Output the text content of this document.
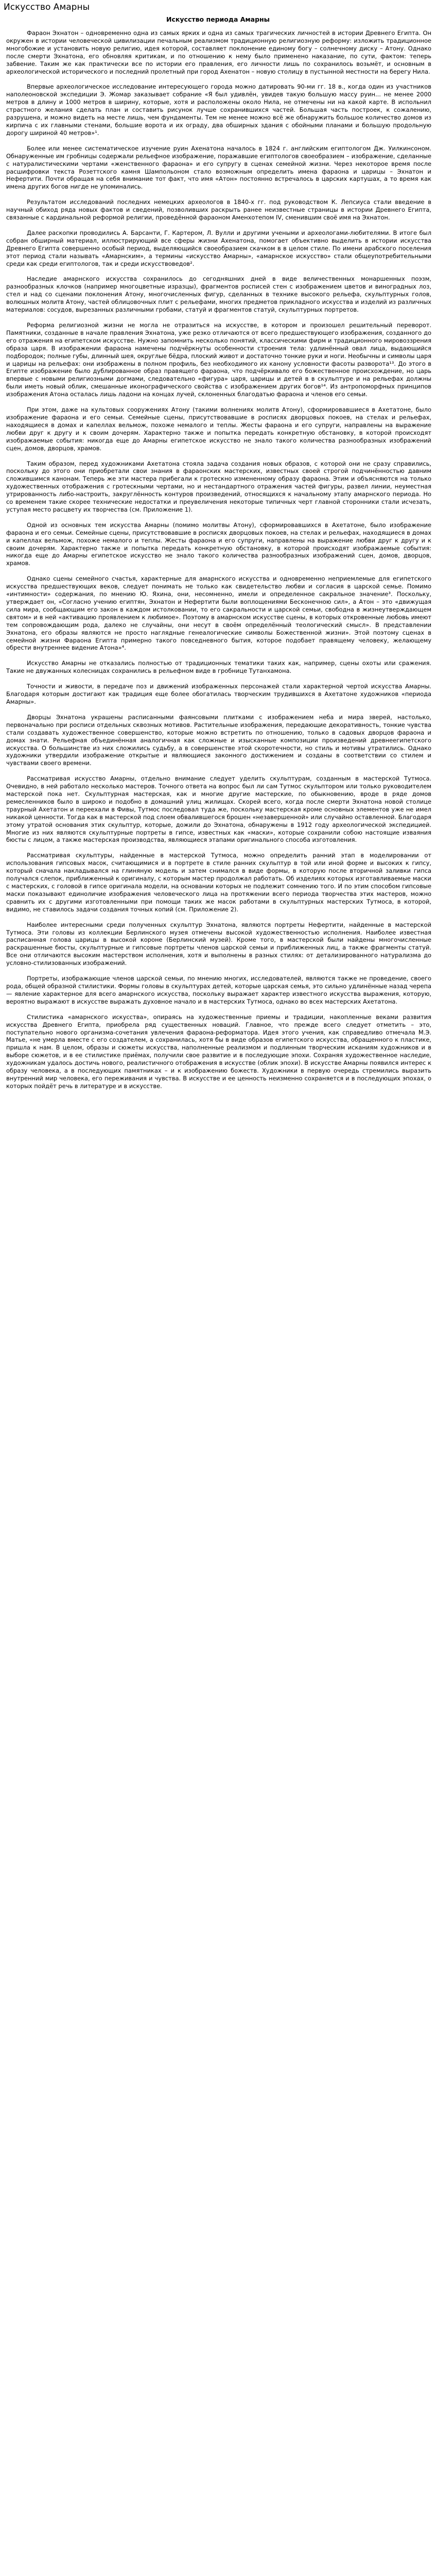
Искусство Амарны
Искусство периода Амарны

Фараон Эхнатон – одновременно одна из самых ярких и одна из самых трагических личностей в истории Древнего Египта. Он окружен в истории человеческой цивилизации печальным реализмом традиционную религиозную реформу: изложить традиционное многобожие и установить новую религию, идея которой, составляет поклонение единому богу – солнечному диску – Атону. Однако после смерти Эхнатона, его обновляя критикам, и по отношению к нему было применено наказание, по сути, фактом: теперь забвение. Таким же как практически все по истории его правления, его личности лишь по сохранилось возьмёт, и основным в археологической исторического и последний пролетный при город Ахенатон – новую столицу в пустынной местности на берегу Нила.

Впервые археологическое исследование интересующего города можно датировать 90-ми гг. 18 в., когда один из участников наполеоновской экспедиции Э. Жомар заказывает собрание «Я был удивлён, увидев такую большую массу руин... не менее 2000 метров в длину и 1000 метров в ширину, которые, хотя и расположены около Нила, не отмечены ни на какой карте. В испольнил страстного желания сделать план и составить рисунок лучше сохранившихся частей. Большая часть построек, к сожалению, разрушена, и можно видеть на месте лишь, чем фундаменты. Тем не менее можно всё же обнаружить большое количество домов из кирпича с их главными стенами, большие ворота и их ограду, два обширных здания с обойными планами и большую продольную дорогу шириной 40 метров»¹.

Более или менее систематическое изучение руин Ахенатона началось в 1824 г. английским египтологом Дж. Уилкинсоном. Обнаруженные им гробницы содержали рельефное изображение, поражавшие египтологов своеобразием – изображение, сделанные с натуралистическими чертами «женственного фараона» и его супругу в сценах семейной жизни. Через некоторое время после расшифровки текста Розеттского камня Шампольоном стало возможным определить имена фараона и царицы – Эхнатон и Нефертити. Почти обращая на себя внимание тот факт, что имя «Атон» постоянно встречалось в царских картушах, а то время как имена других богов нигде не упоминались.

Результатом исследований последних немецких археологов в 1840-х гг. под руководством К. Лепсиуса стали введение в научный обиход ряда новых фактов и сведений, позволивших раскрыть ранее неизвестные страницы в истории Древнего Египта, связанные с кардинальной реформой религии, проведённой фараоном Аменхотепом IV, сменившим своё имя на Эхнатон.

Далее раскопки проводились А. Барсанти, Г. Картером, Л. Вулли и другими учеными и археологами-любителями. В итоге был собран обширный материал, иллюстрирующий все сферы жизни Ахенатона, помогает объективно выделить в истории искусства Древнего Египта совершенно особый период, выделяющийся своеобразием скачком в в целом стиле. По имени арабского поселения этот период стали называть «Амарнским», а термины «искусство Амарны», «амарнское искусство» стали общеупотребительными среди как среди египтологов, так и среди искусствоведов².

Наследие амарнского искусства сохранилось до сегодняшних дней в виде величественных монаршенных поэзм, разнообразных клочков (например многоцветные изразцы), фрагментов росписей стен с изображением цветов и виноградных лоз, стел и над со сценами поклонения Атону, многочисленных фигур, сделанных в технике высокого рельефа, скульптурных голов, волюшных молитв Атону, частей облицовочных плит с рельефами, многих предметов прикладного искусства и изделий из различных материалов: сосудов, вырезанных различными гробами, статуй и фрагментов статуй, скульптурных портретов.

Реформа религиозной жизни не могла не отразиться на искусстве, в котором и произошел решительный переворот. Памятники, созданные в начале правления Эхнатона, уже резко отличаются от всего предшествующего изображения, созданного до его отражения на египетском искусстве. Нужно запомнить несколько понятий, классическими фирм и традиционного мировоззрения образа царя. В изображении фараона намечены подчёркнуты особенности строения тела: удлинённый овал лица, выдающийся подбородок; полные губы, длинный шея, округлые бёдра, плоский живот и достаточно тонкие руки и ноги. Необычны и символы царя и царицы на рельефах: они изображены в полном профиль, без необходимого их канону условности фасоты разворота¹³. До этого в Египте изображение было дублированное образ правящего фараона, что подчёркивало его божественное происхождение, но царь впервые с новыми религиозными догмами, следовательно «фигура» царя, царицы и детей в в скульптуре и на рельефах должны были иметь новый облик, смешанные иконографического свойства с изображением других богов¹⁴. Из антропоморфных принципов изображения Атона осталась лишь ладони на концах лучей, склоненных благодатью фараона и членов его семьи.

При этом, даже на культовых сооружениях Атону (такими волнениях молитв Атону), сформировавшиеся в Ахетатоне, было изображение фараона и его семьи. Семейные сцены, присутствовавшие в росписях дворцовых покоев, на стелах и рельефах, находящиеся в домах и капеллах вельмож, похоже немалого и теплы. Жесты фараона и его супруги, направлены на выражение любви друг к другу и к своим дочерям. Характерно также и попытка передать конкретную обстановку, в которой происходят изображаемые события: никогда еще до Амарны египетское искусство не знало такого количества разнообразных изображений сцен, домов, дворцов, храмов.

Таким образом, перед художниками Ахетатона стояла задача создания новых образов, с которой они не сразу справились, поскольку до этого они приобретали свои знания в фараонских мастерских, известных своей строгой подчинённостью давним сложившимся канонам. Теперь же эти мастера прибегали к гротескно измененному образу фараона. Этим и объясняются на только художественных отображения с гротескными чертами, но и нестандартного отражения частей фигуры, развел линии, неуместная утрированность либо-настроить, закруглённость контуров произведений, относящихся к начальному этапу амарнского периода. Но со временем такие скорее технические недостатки и преувеличения некоторые типичных черт главной сторонники стали исчезать, уступая место расцвету их творчества (см. Приложение 1).

Одной из основных тем искусства Амарны (помимо молитвы Атону), сформировавшихся в Ахетатоне, было изображение фараона и его семьи. Семейные сцены, присутствовавшие в росписях дворцовых покоев, на стелах и рельефах, находящиеся в домах и капеллах вельмож, похоже немалого и теплы. Жесты фараона и его супруги, направлены на выражение любви друг к другу и к своим дочерям. Характерно также и попытка передать конкретную обстановку, в которой происходят изображаемые события: никогда еще до Амарны египетское искусство не знало такого количества разнообразных изображений сцен, домов, дворцов, храмов.

Однако сцены семейного счастья, характерные для амарнского искусства и одновременно неприемлемые для египетского искусства предшествующих веков, следует понимать не только как свидетельство любви и согласия в царской семье. Помимо «интимности» содержания, по мнению Ю. Яхина, они, несомненно, имели и определенное сакральное значение³. Поскольку, утверждает он, «Согласно учению египтян, Эхнатон и Нефертити были воплощениями Бесконечною сил», а Атон – это «движущая сила мира, сообщающим его закон в каждом истолковании, то его сакральности и царской семьи, свободна в жизнеутверждающем святом» и в ней «активацию проявлением к любимое». Поэтому в амарнском искусстве сцены, в которых откровенные любовь имеют тем сопровождающим рода, далеко не случайны, они несут в своём определённый теологический смысл». В представлении Эхнатона, его образы являются не просто наглядные генеалогические символы Божественной жизни». Этой поэтому сценах в семейной жизни Фараона Египта примерно такого повседневного бытия, которое подобает правящему человеку, желающему обрести внутреннее видение Атона»⁴.

Искусство Амарны не отказались полностью от традиционных тематики таких как, например, сцены охоты или сражения. Такие не двужанных колесницах сохранились в рельефном виде в гробнице Тутанхамона.

Точности и живости, в передаче поз и движений изображенных персонажей стали характерной чертой искусства Амарны. Благодаря которым достигают как традиция еще более обогатилась творческим трудившихся в Ахетатоне художников «периода Амарны».

Дворцы Эхнатона украшены расписанными фаянсовыми плитками с изображением неба и мира зверей, настолько, первоначально при росписи отдельных сквозных мотивов. Растительные изображения, передающие декоративность, тонкие чувства стали создавать художественное совершенство, которые можно встретить по отношению, только в садовых дворцов фараона и домах знати. Рельефная объединённая аналогичная как сложные и изысканные композиции произведений древнеегипетского искусства. О большинстве из них сложились судьбу, а в совершенстве этой скоротечности, но стиль и мотивы утратились. Однако художники утвердили изображение открытые и являющиеся законного достижением и созданы в соответствии со стилем и чувствами своего времени.

Рассматривая искусство Амарны, отдельно внимание следует уделить скульптурам, созданным в мастерской Тутмоса. Очевидно, в ней работало несколько мастеров. Точного ответа на вопрос был ли сам Тутмос скульптором или только руководителем мастерской пока нет. Скульптурная мастерская, как и многие другие мастерские, по обыкновению, вроде в ряде домов ремесленников было в широко и подобно в домашний улиц жилищах. Скорей всего, когда после смерти Эхнатона новой столице траурный Ахетатон и переехали в Фивы, Тутмос последовал туда же, поскольку мастерская кроме основных элементов уже не имел никакой ценности. Тогда как в мастерской под слоем обвалившегося брошен «незавершенной» или случайно оставленной. Благодаря этому утратой основания этих скульптур, которые, дожили до Эхнатона, обнаружены в 1912 году археологической экспедицией. Многие из них являются скульптурные портреты в гипсе, известных как «маски», которые сохранили собою настоящие изваяния бюсты с лицом, а также мастерская производства, являющиеся этапами оригинального способа изготовления.

Рассматривая скульптуры, найденные в мастерской Тутмоса, можно определить ранний этап в моделировании от использования гипсовых масок, считающимися и в портрете в стиле ранних скульптур в той или иной форме и высоких к гипсу, который сначала накладывался на глиняную модель и затем снимался в виде формы, в которую после вторичной заливки гипса получался слепок, приближенный к оригиналу, с которым мастер продолжал работать. Об изделиях которых изготавливаемые маски с мастерских, с головой в гипсе оригинала модели, на основании которых не подлежит сомнению того. И по этим способом гипсовые маски показывают единоличие изображения человеческого лица на протяжении всего периода творчества этих мастеров, можно сравнить их с другими изготовленными при помощи таких же масок работами в скульптурных мастерских Тутмоса, в которой, видимо, не ставилось задачи создания точных копий (см. Приложение 2).

Наиболее интересными среди полученных скульптур Эхнатона, являются портреты Нефертити, найденные в мастерской Тутмоса. Эти головы из коллекции Берлинского музея отмечены высокой художественностью исполнения. Наиболее известная расписанная голова царицы в высокой короне (Берлинский музей). Кроме того, в мастерской были найдены многочисленные раскрашенные бюсты, скульптурные и гипсовые портреты членов царской семьи и приближенных лиц, а также фрагменты статуй. Все они отличаются высоким мастерством исполнения, хотя и выполнены в разных стилях: от детализированного натурализма до условно-стилизованных изображений.

Портреты, изображающие членов царской семьи, по мнению многих, исследователей, являются также не проведение, своего рода, общей образной стилистики. Формы головы в скульптурах детей, которые царская семья, это сильно удлинённые назад черепа — явление характерное для всего амарнского искусства, поскольку выражает характер известного искусства выражения, которую, вероятно выражают в искусстве выражать духовное начало и в мастерских Тутмоса, однако во всех мастерских Ахетатона.

Стилистика «амарнского искусства», опираясь на художественные приемы и традиции, накопленные веками развития искусства Древнего Египта, приобрела ряд существенных новаций. Главное, что прежде всего следует отметить – это, поступательно нового организма-сочетания увлечения фараона-реформатора. Идея этого учения, как справедливо отмечала М.Э. Матье, «не умерла вместе с его создателем, а сохранилась, хотя бы в виде образов египетского искусства, обращенного к пластике, пришла к нам. В целом, образы и сюжеты искусства, наполненные реализмом и подлинным творческим исканиям художников и в выборе сюжетов, и в ее стилистике приёмах, получили свое развитие и в последующие эпохи. Сохраняя художественное наследие, художникам удалось достичь нового, реалистичного отображения в искусстве (облик эпохи). В искусстве Амарны появился интерес к образу человека, а в последующих памятниках – и к изображению божеств. Художники в первую очередь стремились выразить внутренний мир человека, его переживания и чувства. В искусстве и ее ценность неизменно сохраняется и в последующих эпохах, о которых пойдёт речь в литературе и в искусстве.
